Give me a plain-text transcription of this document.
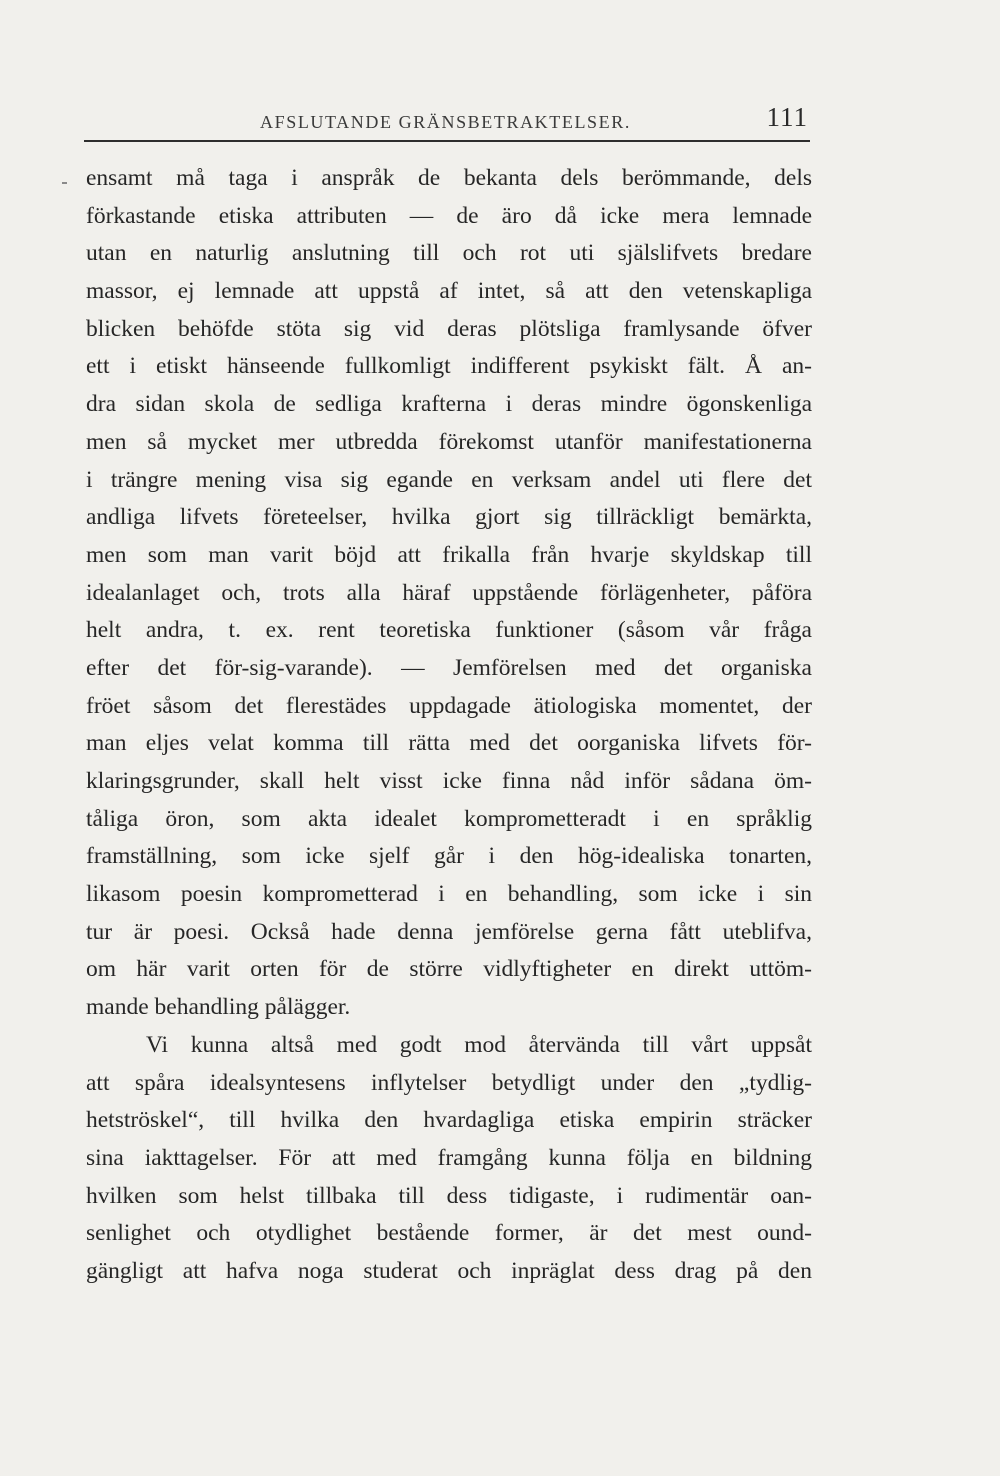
AFSLUTANDE GRÄNSBETRAKTELSER.	111
ensamt må taga i anspråk de bekanta dels berömmande, dels
förkastande etiska attributen — de äro då icke mera lemnade
utan en naturlig anslutning till och rot uti själslifvets bredare
massor, ej lemnade att uppstå af intet, så att den vetenskapliga
blicken behöfde stöta sig vid deras plötsliga framlysande öfver
ett i etiskt hänseende fullkomligt indifferent psykiskt fält. Å an-
dra sidan skola de sedliga krafterna i deras mindre ögonskenliga
men så mycket mer utbredda förekomst utanför manifestationerna
i trängre mening visa sig egande en verksam andel uti flere det
andliga lifvets företeelser, hvilka gjort sig tillräckligt bemärkta,
men som man varit böjd att frikalla från hvarje skyldskap till
idealanlaget och, trots alla häraf uppstående förlägenheter, påföra
helt andra, t. ex. rent teoretiska funktioner (såsom vår fråga
efter det för-sig-varande). — Jemförelsen med det organiska
fröet såsom det flerestädes uppdagade ätiologiska momentet, der
man eljes velat komma till rätta med det oorganiska lifvets för-
klaringsgrunder, skall helt visst icke finna nåd inför sådana öm-
tåliga öron, som akta idealet komprometteradt i en språklig
framställning, som icke sjelf går i den hög-idealiska tonarten,
likasom poesin komprometterad i en behandling, som icke i sin
tur är poesi. Också hade denna jemförelse gerna fått uteblifva,
om här varit orten för de större vidlyftigheter en direkt uttöm-
mande behandling pålägger.
Vi kunna altså med godt mod återvända till vårt uppsåt
att spåra idealsyntesens inflytelser betydligt under den „tydlig-
hetströskel“, till hvilka den hvardagliga etiska empirin sträcker
sina iakttagelser. För att med framgång kunna följa en bildning
hvilken som helst tillbaka till dess tidigaste, i rudimentär oan-
senlighet och otydlighet bestående former, är det mest ound-
gängligt att hafva noga studerat och inpräglat dess drag på den
